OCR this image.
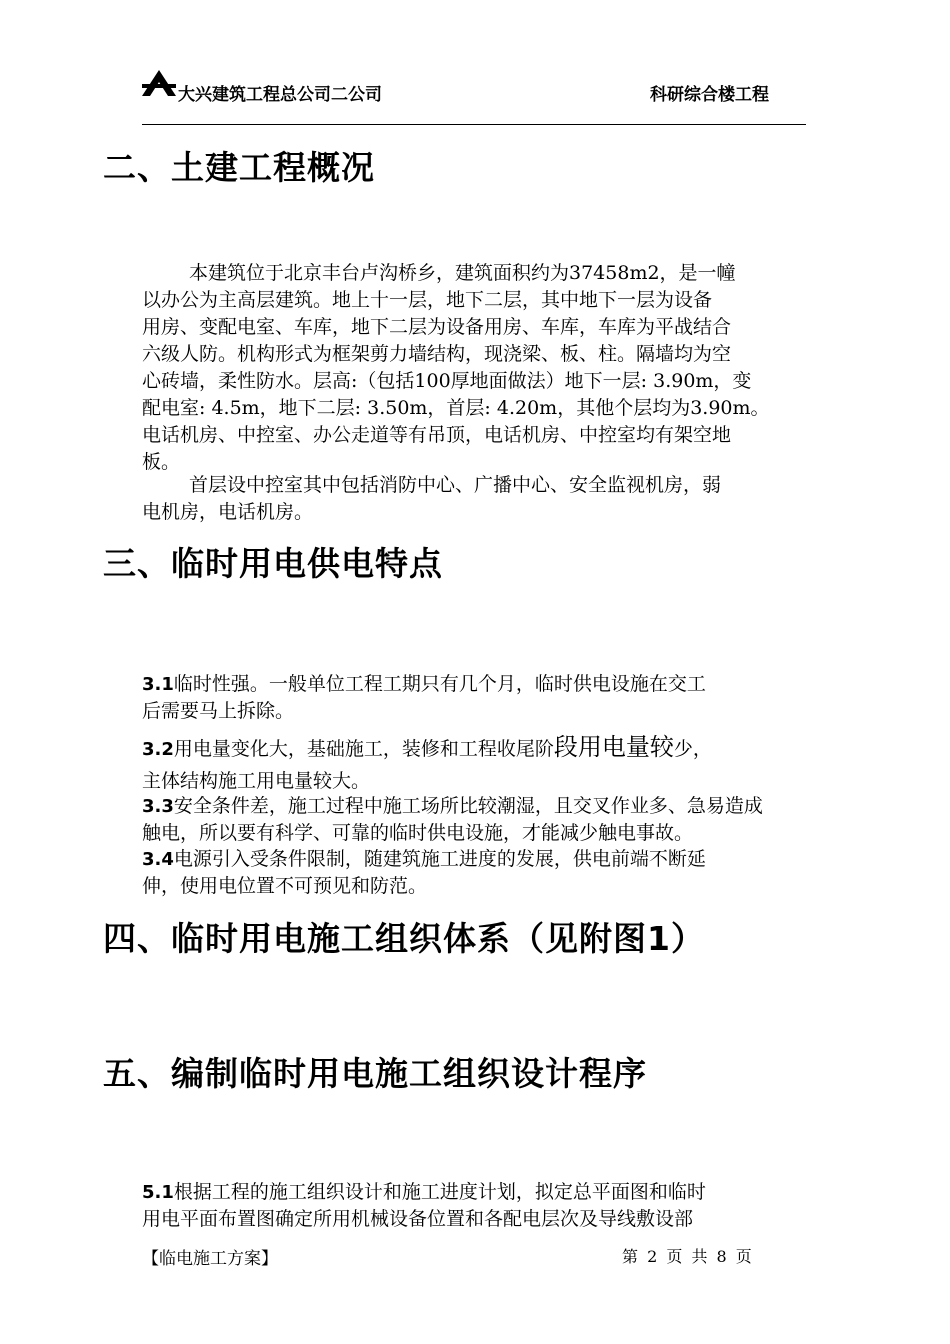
大兴建筑工程总公司二公司	科研综合楼工程
二、土建工程概况
本建筑位于北京丰台卢沟桥乡，建筑面积约为37458m2，是一幢
以办公为主高层建筑。地上十一层，地下二层，其中地下一层为设备
用房、变配电室、车库，地下二层为设备用房、车库，车库为平战结合
六级人防。机构形式为框架剪力墙结构，现浇梁、板、柱。隔墙均为空
心砖墙，柔性防水。层高:（包括100厚地面做法）地下一层: 3.90m，变
配电室: 4.5m，地下二层: 3.50m，首层: 4.20m，其他个层均为3.90m。
电话机房、中控室、办公走道等有吊顶，电话机房、中控室均有架空地
板。
首层设中控室其中包括消防中心、广播中心、安全监视机房，弱
电机房，电话机房。
三、临时用电供电特点
3.1临时性强。一般单位工程工期只有几个月，临时供电设施在交工
后需要马上拆除。
3.2用电量变化大，基础施工，装修和工程收尾阶段用电量较少，
主体结构施工用电量较大。
3.3安全条件差，施工过程中施工场所比较潮湿，且交叉作业多、急易造成
触电，所以要有科学、可靠的临时供电设施，才能减少触电事故。
3.4电源引入受条件限制，随建筑施工进度的发展，供电前端不断延
伸，使用电位置不可预见和防范。
四、临时用电施工组织体系（见附图1）
五、编制临时用电施工组织设计程序
5.1根据工程的施工组织设计和施工进度计划，拟定总平面图和临时
用电平面布置图确定所用机械设备位置和各配电层次及导线敷设部
【临电施工方案】	第 2 页 共 8 页
